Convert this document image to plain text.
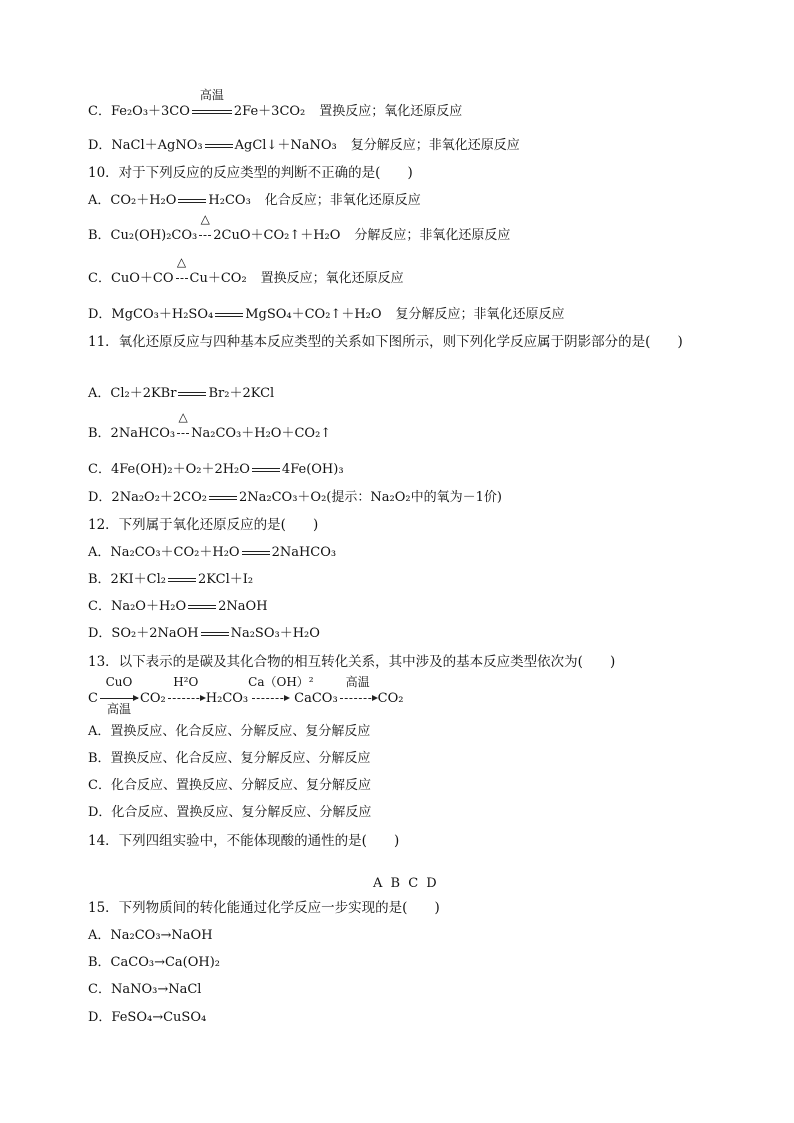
C．Fe₂O₃＋3CO
高温
2Fe＋3CO₂ 置换反应；氧化还原反应
D．NaCl＋AgNO₃ AgCl↓＋NaNO₃ 复分解反应；非氧化还原反应
10．对于下列反应的反应类型的判断不正确的是(　　)
A．CO₂＋H₂O H₂CO₃ 化合反应；非氧化还原反应
B．Cu₂(OH)₂CO₃
△
2CuO＋CO₂↑＋H₂O 分解反应；非氧化还原反应
C．CuO＋CO
△
Cu＋CO₂ 置换反应；氧化还原反应
D．MgCO₃＋H₂SO₄ MgSO₄＋CO₂↑＋H₂O 复分解反应；非氧化还原反应
11．氧化还原反应与四种基本反应类型的关系如下图所示，则下列化学反应属于阴影部分的是(　　)
A．Cl₂＋2KBr Br₂＋2KCl
B．2NaHCO₃
△
Na₂CO₃＋H₂O＋CO₂↑
C．4Fe(OH)₂＋O₂＋2H₂O 4Fe(OH)₃
D．2Na₂O₂＋2CO₂ 2Na₂CO₃＋O₂(提示：Na₂O₂中的氧为－1价)
12．下列属于氧化还原反应的是(　　)
A．Na₂CO₃＋CO₂＋H₂O 2NaHCO₃
B．2KI＋Cl₂ 2KCl＋I₂
C．Na₂O＋H₂O 2NaOH
D．SO₂＋2NaOH Na₂SO₃＋H₂O
13．以下表示的是碳及其化合物的相互转化关系，其中涉及的基本反应类型依次为(　　)
C
CuO
高温
CO₂
H²O
H₂CO₃
Ca（OH）²
CaCO₃
高温
CO₂
A．置换反应、化合反应、分解反应、复分解反应
B．置换反应、化合反应、复分解反应、分解反应
C．化合反应、置换反应、分解反应、复分解反应
D．化合反应、置换反应、复分解反应、分解反应
14．下列四组实验中，不能体现酸的通性的是(　　)
A B C D
15．下列物质间的转化能通过化学反应一步实现的是(　　)
A．Na₂CO₃→NaOH
B．CaCO₃→Ca(OH)₂
C．NaNO₃→NaCl
D．FeSO₄→CuSO₄
